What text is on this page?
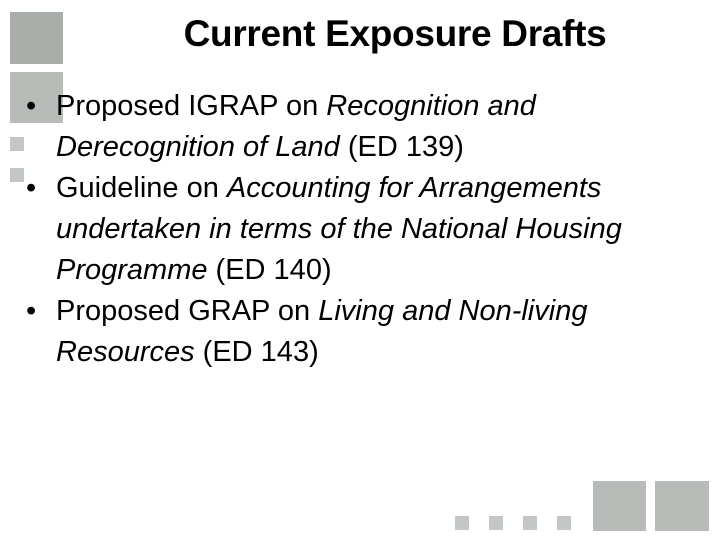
Current Exposure Drafts
• Proposed IGRAP on Recognition and Derecognition of Land (ED 139)
• Guideline on Accounting for Arrangements undertaken in terms of the National Housing Programme (ED 140)
• Proposed GRAP on Living and Non-living Resources (ED 143)
